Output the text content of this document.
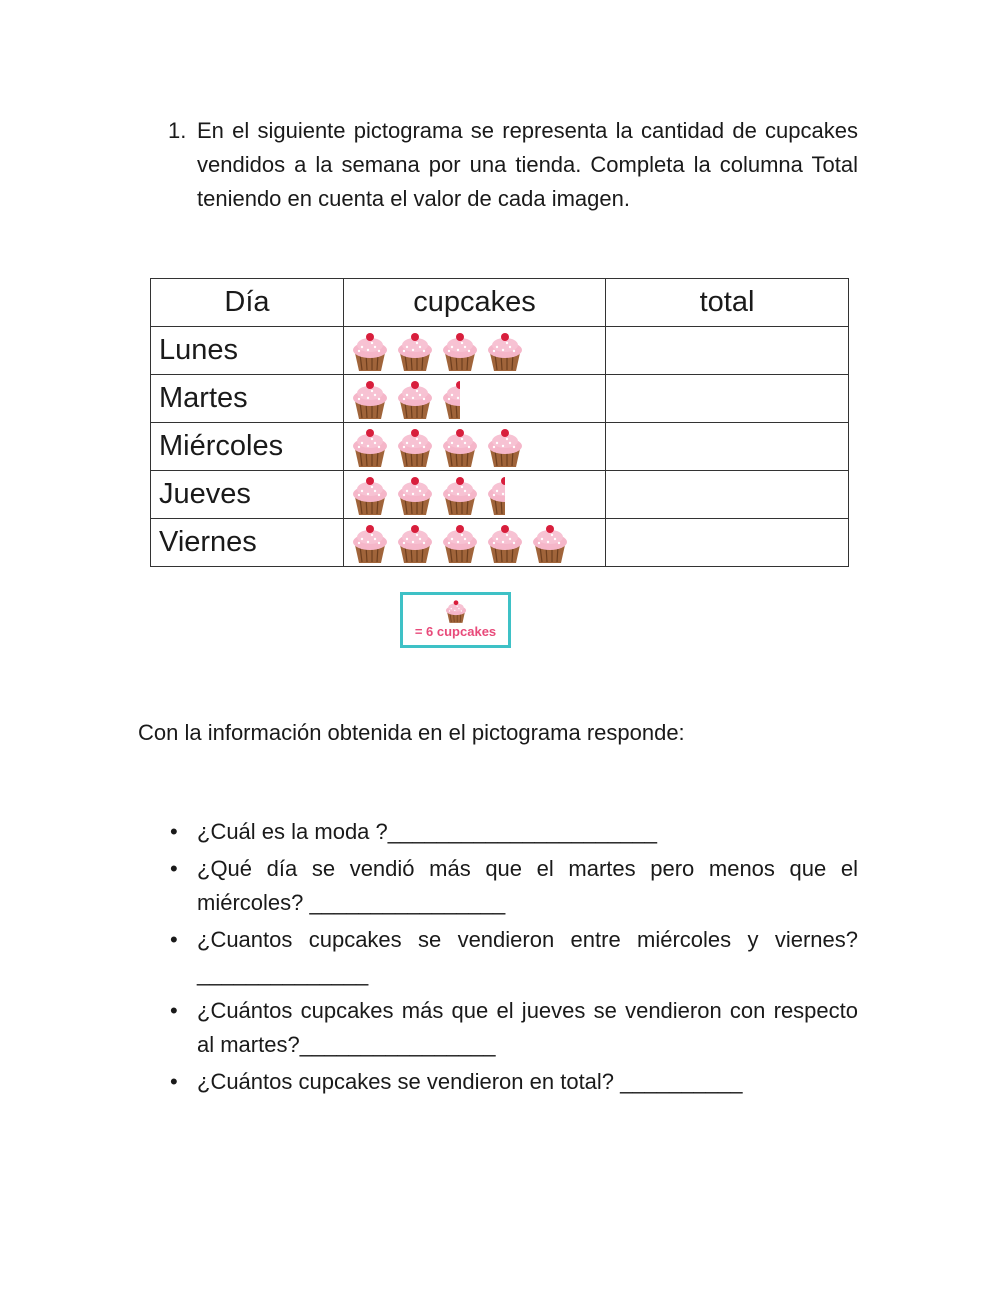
1. En el siguiente pictograma se representa la cantidad de cupcakes vendidos a la semana por una tienda. Completa la columna Total teniendo en cuenta el valor de cada imagen.
Día	cupcakes	total
Lunes	

Martes	

Miércoles	

Jueves	

Viernes	

= 6 cupcakes
Con la información obtenida en el pictograma responde:
• ¿Cuál es la moda ?______________________
• ¿Qué día se vendió más que el martes pero menos que el miércoles? ________________
• ¿Cuantos cupcakes se vendieron entre miércoles y viernes? ______________
• ¿Cuántos cupcakes más que el jueves se vendieron con respecto al martes?________________
• ¿Cuántos cupcakes se vendieron en total? __________
